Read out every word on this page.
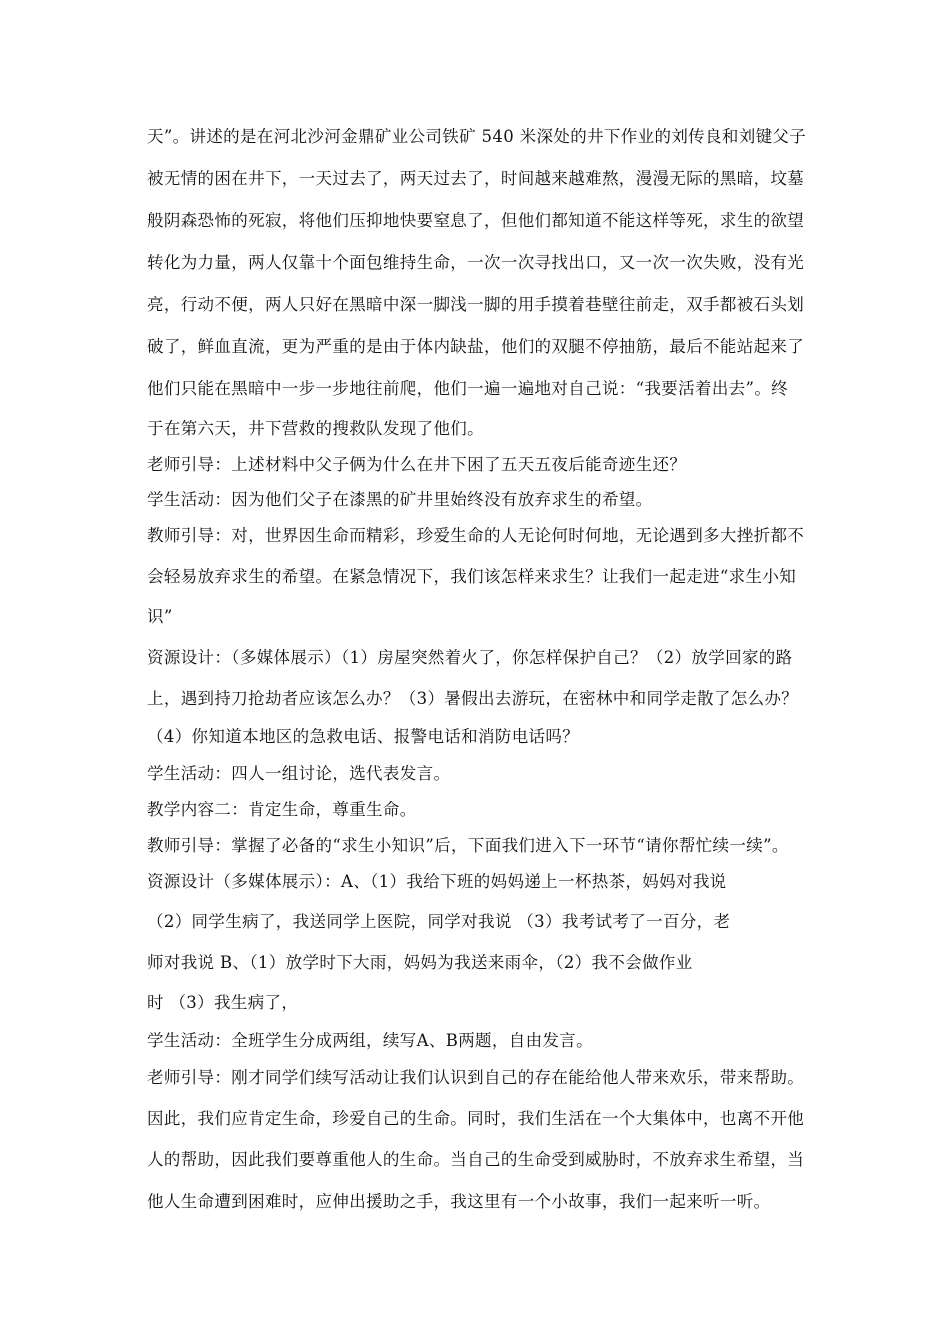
天”。讲述的是在河北沙河金鼎矿业公司铁矿 540 米深处的井下作业的刘传良和刘键父子
被无情的困在井下，一天过去了，两天过去了，时间越来越难熬，漫漫无际的黑暗，坟墓
般阴森恐怖的死寂，将他们压抑地快要窒息了，但他们都知道不能这样等死，求生的欲望
转化为力量，两人仅靠十个面包维持生命，一次一次寻找出口，又一次一次失败，没有光
亮，行动不便，两人只好在黑暗中深一脚浅一脚的用手摸着巷壁往前走，双手都被石头划
破了，鲜血直流，更为严重的是由于体内缺盐，他们的双腿不停抽筋，最后不能站起来了
他们只能在黑暗中一步一步地往前爬，他们一遍一遍地对自己说：“我要活着出去”。终
于在第六天，井下营救的搜救队发现了他们。
老师引导：上述材料中父子俩为什么在井下困了五天五夜后能奇迹生还？
学生活动：因为他们父子在漆黑的矿井里始终没有放弃求生的希望。
教师引导：对，世界因生命而精彩，珍爱生命的人无论何时何地，无论遇到多大挫折都不
会轻易放弃求生的希望。在紧急情况下，我们该怎样来求生？让我们一起走进“求生小知
识”
资源设计：（多媒体展示）（1）房屋突然着火了，你怎样保护自己？（2）放学回家的路
上，遇到持刀抢劫者应该怎么办？（3）暑假出去游玩，在密林中和同学走散了怎么办？
（4）你知道本地区的急救电话、报警电话和消防电话吗？
学生活动：四人一组讨论，选代表发言。
教学内容二：肯定生命，尊重生命。
教师引导：掌握了必备的“求生小知识”后，下面我们进入下一环节“请你帮忙续一续”。
资源设计（多媒体展示）：A、（1）我给下班的妈妈递上一杯热茶，妈妈对我说
（2）同学生病了，我送同学上医院，同学对我说 （3）我考试考了一百分，老
师对我说 B、（1）放学时下大雨，妈妈为我送来雨伞，（2）我不会做作业
时 （3）我生病了，
学生活动：全班学生分成两组，续写A、B两题，自由发言。
老师引导：刚才同学们续写活动让我们认识到自己的存在能给他人带来欢乐，带来帮助。
因此，我们应肯定生命，珍爱自己的生命。同时，我们生活在一个大集体中，也离不开他
人的帮助，因此我们要尊重他人的生命。当自己的生命受到威胁时，不放弃求生希望，当
他人生命遭到困难时，应伸出援助之手，我这里有一个小故事，我们一起来听一听。
